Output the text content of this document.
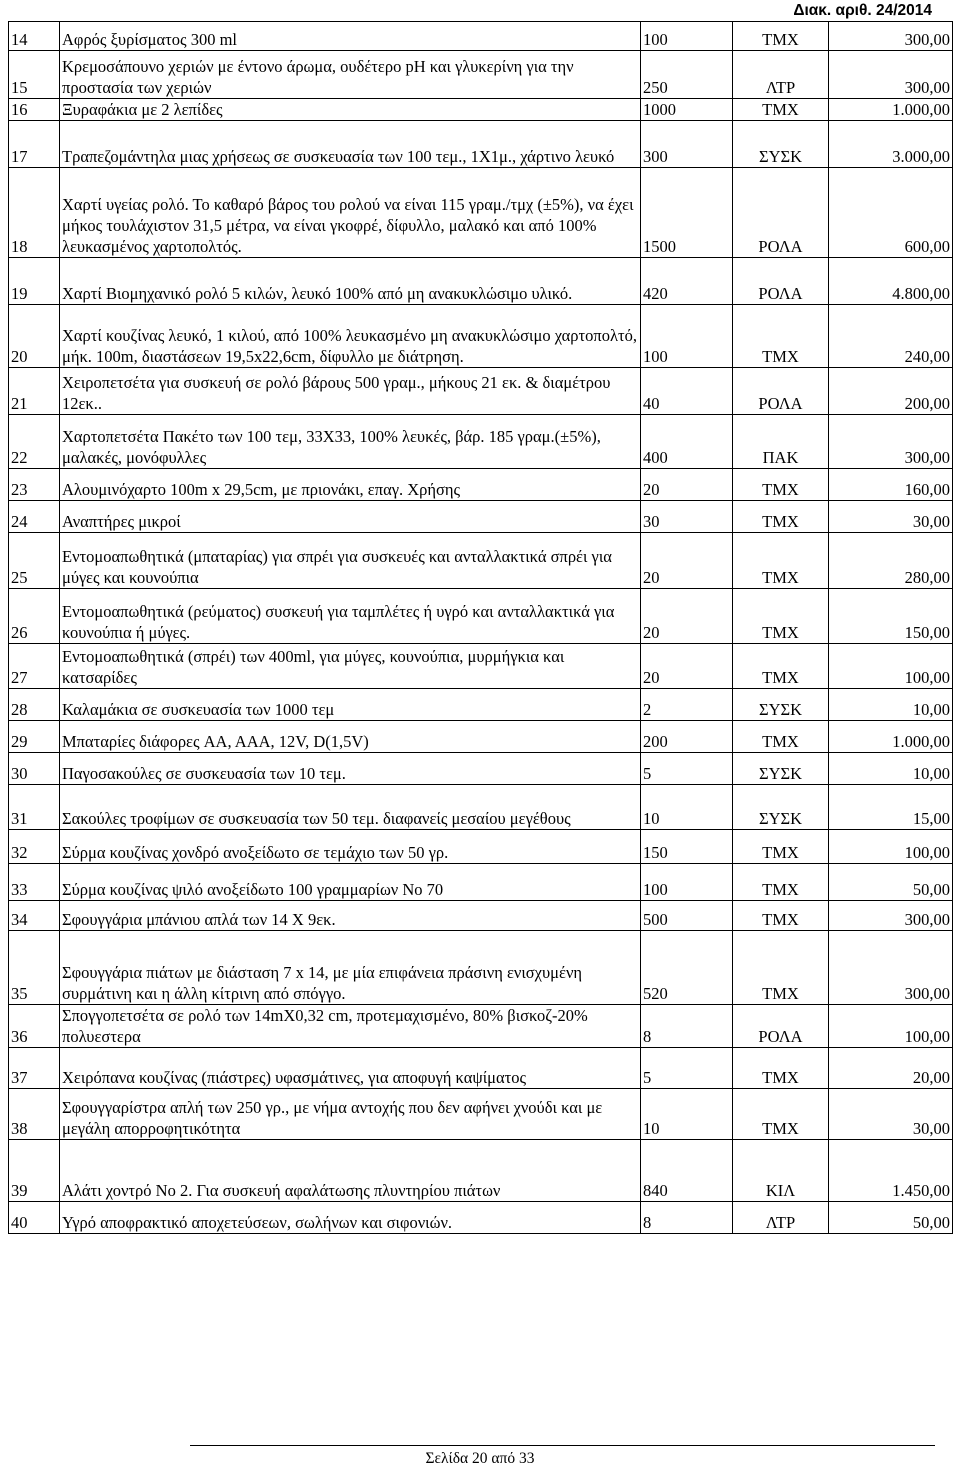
Διακ. αριθ. 24/2014
14	Αφρός ξυρίσματος 300 ml	100	ΤΜΧ	300,00
15	Κρεμοσάπουνο χεριών με έντονο άρωμα, ουδέτερο pH και γλυκερίνη για την προστασία των χεριών	250	ΛΤΡ	300,00
16	Ξυραφάκια με 2 λεπίδες	1000	ΤΜΧ	1.000,00
17	Τραπεζομάντηλα μιας χρήσεως σε συσκευασία των 100 τεμ., 1Χ1μ., χάρτινο λευκό	300	ΣΥΣΚ	3.000,00
18	Χαρτί υγείας ρολό. Το καθαρό βάρος του ρολού να είναι 115 γραμ./τμχ (±5%), να έχει μήκος τουλάχιστον 31,5 μέτρα, να είναι γκοφρέ, δίφυλλο, μαλακό και από 100% λευκασμένος χαρτοπολτός.	1500	ΡΟΛΑ	600,00
19	Χαρτί Βιομηχανικό ρολό 5 κιλών, λευκό 100% από μη ανακυκλώσιμο υλικό.	420	ΡΟΛΑ	4.800,00
20	Χαρτί κουζίνας λευκό, 1 κιλού, από 100% λευκασμένο μη ανακυκλώσιμο χαρτοπολτό, μήκ. 100m, διαστάσεων 19,5x22,6cm, δίφυλλο με διάτρηση.	100	ΤΜΧ	240,00
21	Χειροπετσέτα για συσκευή σε ρολό βάρους 500 γραμ., μήκους 21 εκ. & διαμέτρου 12εκ..	40	ΡΟΛΑ	200,00
22	Χαρτοπετσέτα Πακέτο των 100 τεμ, 33Χ33, 100% λευκές, βάρ. 185 γραμ.(±5%), μαλακές, μονόφυλλες	400	ΠΑΚ	300,00
23	Αλουμινόχαρτο 100m x 29,5cm, με πριονάκι, επαγ. Χρήσης	20	ΤΜΧ	160,00
24	Αναπτήρες μικροί	30	ΤΜΧ	30,00
25	Εντομοαπωθητικά (μπαταρίας) για σπρέι για συσκευές και ανταλλακτικά σπρέι για μύγες και κουνούπια	20	ΤΜΧ	280,00
26	Εντομοαπωθητικά (ρεύματος) συσκευή για ταμπλέτες ή υγρό και ανταλλακτικά για κουνούπια ή μύγες.	20	ΤΜΧ	150,00
27	Εντομοαπωθητικά (σπρέι) των 400ml, για μύγες, κουνούπια, μυρμήγκια και κατσαρίδες	20	ΤΜΧ	100,00
28	Καλαμάκια σε συσκευασία των 1000 τεμ	2	ΣΥΣΚ	10,00
29	Μπαταρίες διάφορες AA, AAA, 12V, D(1,5V)	200	ΤΜΧ	1.000,00
30	Παγοσακούλες σε συσκευασία των 10 τεμ.	5	ΣΥΣΚ	10,00
31	Σακούλες τροφίμων σε συσκευασία των 50 τεμ. διαφανείς μεσαίου μεγέθους	10	ΣΥΣΚ	15,00
32	Σύρμα κουζίνας χονδρό ανοξείδωτο σε τεμάχιο των 50 γρ.	150	ΤΜΧ	100,00
33	Σύρμα κουζίνας ψιλό ανοξείδωτο 100 γραμμαρίων Νο 70	100	ΤΜΧ	50,00
34	Σφουγγάρια μπάνιου απλά των 14 Χ 9εκ.	500	ΤΜΧ	300,00
35	Σφουγγάρια πιάτων με διάσταση 7 x 14, με μία επιφάνεια πράσινη ενισχυμένη συρμάτινη και η άλλη κίτρινη από σπόγγο.	520	ΤΜΧ	300,00
36	Σπογγοπετσέτα σε ρολό των 14mX0,32 cm, προτεμαχισμένο, 80% βισκοζ-20% πολυεστερα	8	ΡΟΛΑ	100,00
37	Χειρόπανα κουζίνας (πιάστρες) υφασμάτινες, για αποφυγή καψίματος	5	ΤΜΧ	20,00
38	Σφουγγαρίστρα απλή των 250 γρ., με νήμα αντοχής που δεν αφήνει χνούδι και με μεγάλη απορροφητικότητα	10	ΤΜΧ	30,00
39	Αλάτι χοντρό Νο 2. Για συσκευή αφαλάτωσης πλυντηρίου πιάτων	840	ΚΙΛ	1.450,00
40	Υγρό αποφρακτικό αποχετεύσεων, σωλήνων και σιφονιών.	8	ΛΤΡ	50,00
Σελίδα 20 από 33
